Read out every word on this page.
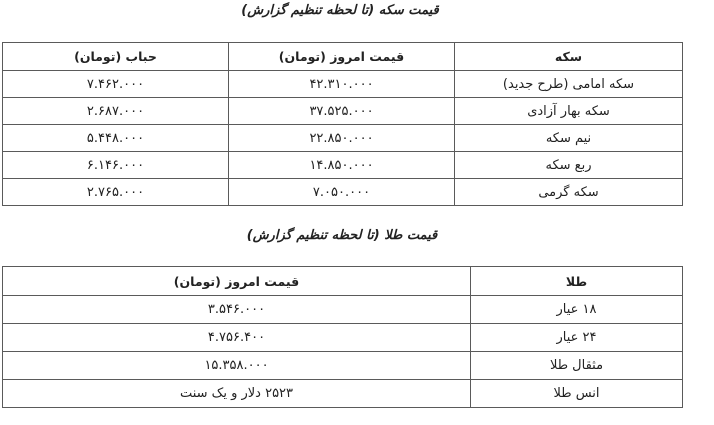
قیمت سکه (تا لحظه تنظیم گزارش)
سکه	قیمت امروز (تومان)	حباب (تومان)
سکه امامی (طرح جدید)	۴۲.۳۱۰.۰۰۰	۷.۴۶۲.۰۰۰
سکه بهار آزادی	۳۷.۵۲۵.۰۰۰	۲.۶۸۷.۰۰۰
نیم سکه	۲۲.۸۵۰.۰۰۰	۵.۴۴۸.۰۰۰
ربع سکه	۱۴.۸۵۰.۰۰۰	۶.۱۴۶.۰۰۰
سکه گرمی	۷.۰۵۰.۰۰۰	۲.۷۶۵.۰۰۰
قیمت طلا (تا لحظه تنظیم گزارش)
طلا	قیمت امروز (تومان)
۱۸ عیار	۳.۵۴۶.۰۰۰
۲۴ عیار	۴.۷۵۶.۴۰۰
مثقال طلا	۱۵.۳۵۸.۰۰۰
انس طلا	۲۵۲۳ دلار و یک سنت
